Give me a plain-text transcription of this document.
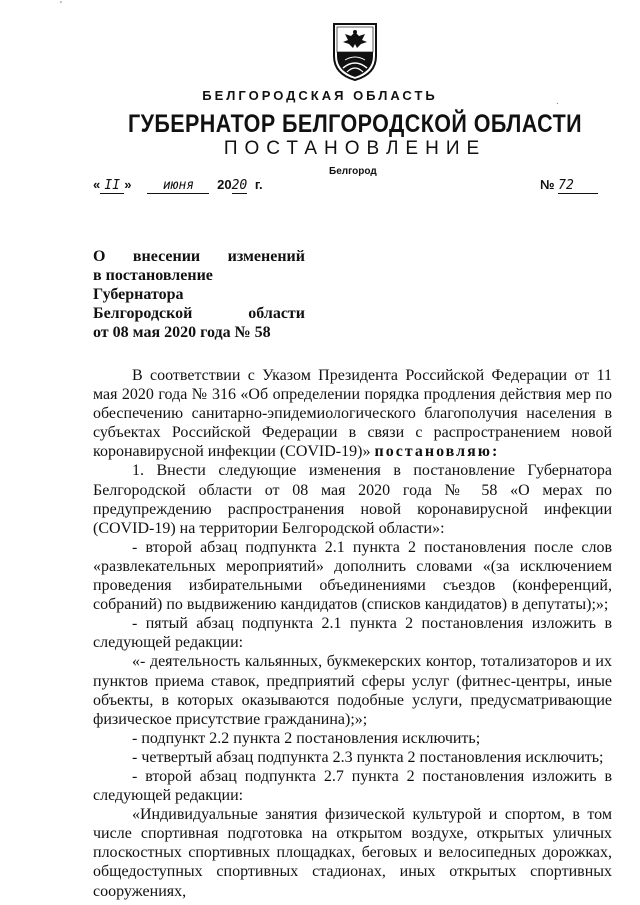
БЕЛГОРОДСКАЯ ОБЛАСТЬ
ГУБЕРНАТОР БЕЛГОРОДСКОЙ ОБЛАСТИ
ПОСТАНОВЛЕНИЕ
Белгород
« II » июня 2020 г.	№ 72
О внесении изменений
в постановление Губернатора
Белгородской области
от 08 мая 2020 года № 58

В соответствии с Указом Президента Российской Федерации от 11 мая 2020 года № 316 «Об определении порядка продления действия мер по обеспечению санитарно-эпидемиологического благополучия населения в субъектах Российской Федерации в связи с распространением новой коронавирусной инфекции (COVID-19)» постановляю:

1. Внести следующие изменения в постановление Губернатора Белгородской области от 08 мая 2020 года № 58 «О мерах по предупреждению распространения новой коронавирусной инфекции (COVID-19) на территории Белгородской области»:

- второй абзац подпункта 2.1 пункта 2 постановления после слов «развлекательных мероприятий» дополнить словами «(за исключением проведения избирательными объединениями съездов (конференций, собраний) по выдвижению кандидатов (списков кандидатов) в депутаты);»;

- пятый абзац подпункта 2.1 пункта 2 постановления изложить в следующей редакции:

«- деятельность кальянных, букмекерских контор, тотализаторов и их пунктов приема ставок, предприятий сферы услуг (фитнес-центры, иные объекты, в которых оказываются подобные услуги, предусматривающие физическое присутствие гражданина);»;

- подпункт 2.2 пункта 2 постановления исключить;

- четвертый абзац подпункта 2.3 пункта 2 постановления исключить;

- второй абзац подпункта 2.7 пункта 2 постановления изложить в следующей редакции:

«Индивидуальные занятия физической культурой и спортом, в том числе спортивная подготовка на открытом воздухе, открытых уличных плоскостных спортивных площадках, беговых и велосипедных дорожках, общедоступных спортивных стадионах, иных открытых спортивных сооружениях,

'
.
